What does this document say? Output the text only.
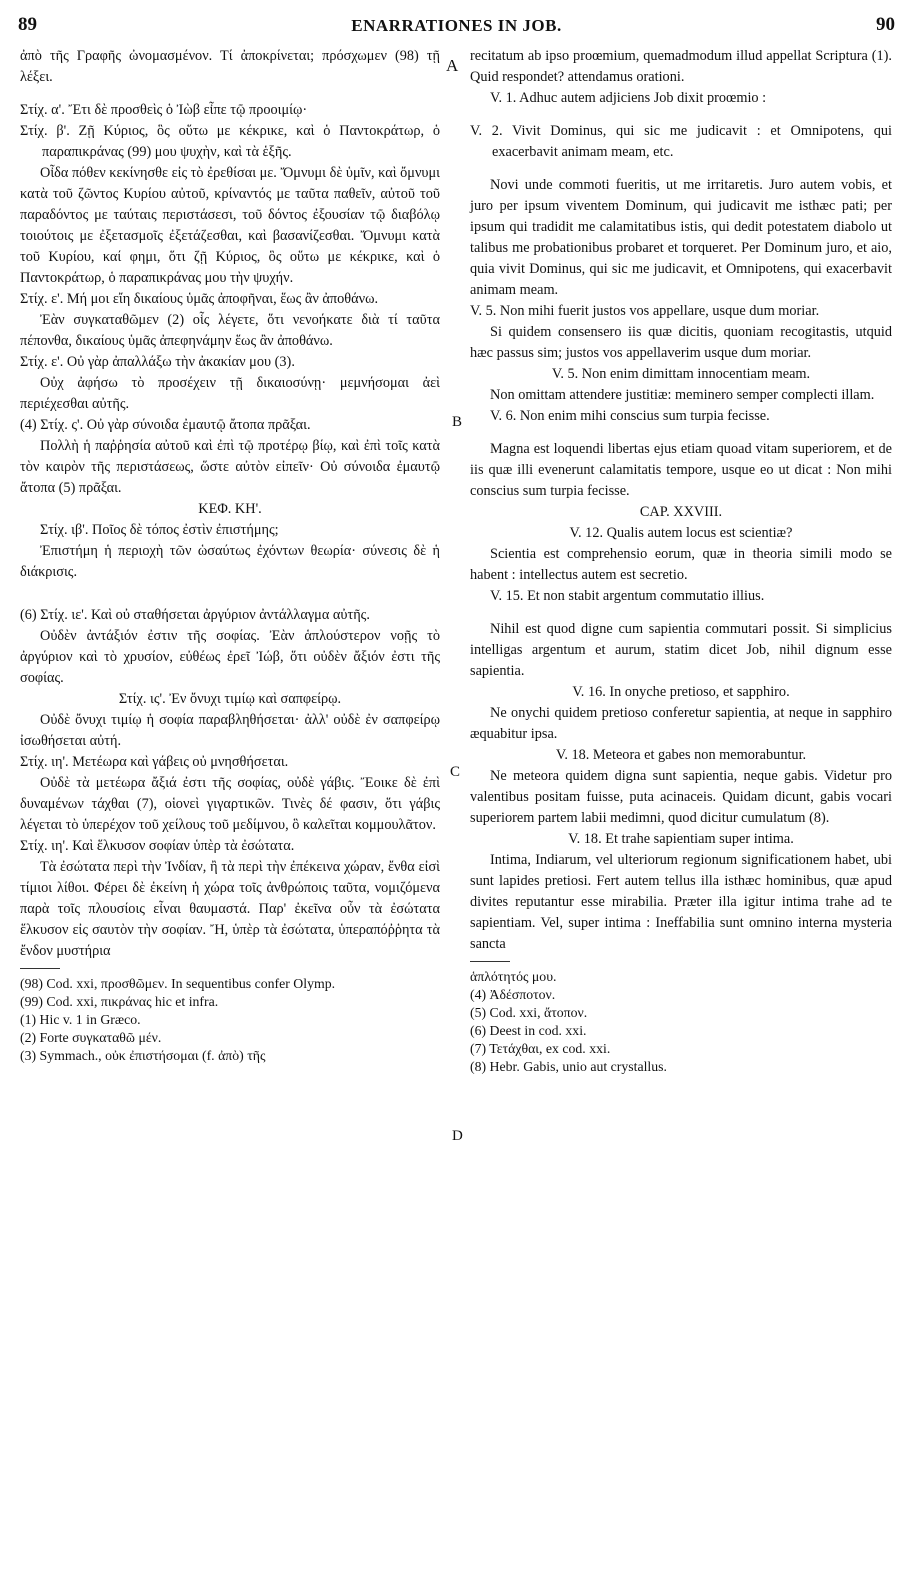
89	ENARRATIONES IN JOB.	90
A
B
C
D

ἀπὸ τῆς Γραφῆς ὠνομασμένον. Τί ἀποκρίνεται; πρόσχωμεν (98) τῇ λέξει.

Στίχ. α'. Ἔτι δὲ προσθεὶς ὁ Ἰὼβ εἶπε τῷ προοιμίῳ·

Στίχ. β'. Ζῇ Κύριος, ὃς οὕτω με κέκρικε, καὶ ὁ Παντοκράτωρ, ὁ παραπικράνας (99) μου ψυχὴν, καὶ τὰ ἑξῆς.

Οἶδα πόθεν κεκίνησθε εἰς τὸ ἐρεθίσαι με. Ὄμνυμι δὲ ὑμῖν, καὶ ὄμνυμι κατὰ τοῦ ζῶντος Κυρίου αὐτοῦ, κρίναντός με ταῦτα παθεῖν, αὐτοῦ τοῦ παραδόντος με ταύταις περιστάσεσι, τοῦ δόντος ἐξουσίαν τῷ διαβόλῳ τοιούτοις με ἐξετασμοῖς ἐξετάζεσθαι, καὶ βασανίζεσθαι. Ὄμνυμι κατὰ τοῦ Κυρίου, καί φημι, ὅτι ζῇ Κύριος, ὃς οὕτω με κέκρικε, καὶ ὁ Παντοκράτωρ, ὁ παραπικράνας μου τὴν ψυχήν.

Στίχ. ε'. Μή μοι εἴη δικαίους ὑμᾶς ἀποφῆναι, ἕως ἂν ἀποθάνω.

Ἐὰν συγκαταθῶμεν (2) οἷς λέγετε, ὅτι νενοήκατε διὰ τί ταῦτα πέπονθα, δικαίους ὑμᾶς ἀπεφηνάμην ἕως ἂν ἀποθάνω.

Στίχ. ε'. Οὐ γὰρ ἀπαλλάξω τὴν ἀκακίαν μου (3).

Οὐχ ἀφήσω τὸ προσέχειν τῇ δικαιοσύνῃ· μεμνήσομαι ἀεὶ περιέχεσθαι αὐτῆς.

(4) Στίχ. ς'. Οὐ γὰρ σύνοιδα ἐμαυτῷ ἄτοπα πρᾶξαι.

Πολλὴ ἡ παῤῥησία αὐτοῦ καὶ ἐπὶ τῷ προτέρῳ βίῳ, καὶ ἐπὶ τοῖς κατὰ τὸν καιρὸν τῆς περιστάσεως, ὥστε αὐτὸν εἰπεῖν· Οὐ σύνοιδα ἐμαυτῷ ἄτοπα (5) πρᾶξαι.

ΚΕΦ. ΚΗ'.

Στίχ. ιβ'. Ποῖος δὲ τόπος ἐστὶν ἐπιστήμης;

Ἐπιστήμη ἡ περιοχὴ τῶν ὡσαύτως ἐχόντων θεωρία· σύνεσις δὲ ἡ διάκρισις.

(6) Στίχ. ιε'. Καὶ οὐ σταθήσεται ἀργύριον ἀντάλλαγμα αὐτῆς.

Οὐδὲν ἀντάξιόν ἐστιν τῆς σοφίας. Ἐὰν ἁπλούστερον νοῇς τὸ ἀργύριον καὶ τὸ χρυσίον, εὐθέως ἐρεῖ Ἰώβ, ὅτι οὐδὲν ἄξιόν ἐστι τῆς σοφίας.

Στίχ. ις'. Ἐν ὄνυχι τιμίῳ καὶ σαπφείρῳ.

Οὐδὲ ὄνυχι τιμίῳ ἡ σοφία παραβληθήσεται· ἀλλ' οὐδὲ ἐν σαπφείρῳ ἰσωθήσεται αὐτή.

Στίχ. ιη'. Μετέωρα καὶ γάβεις οὐ μνησθήσεται.

Οὐδὲ τὰ μετέωρα ἄξιά ἐστι τῆς σοφίας, οὐδὲ γάβις. Ἔοικε δὲ ἐπὶ δυναμένων τάχθαι (7), οἱονεὶ γιγαρτικῶν. Τινὲς δέ φασιν, ὅτι γάβις λέγεται τὸ ὑπερέχον τοῦ χείλους τοῦ μεδίμνου, ὃ καλεῖται κομμουλᾶτον.

Στίχ. ιη'. Καὶ ἕλκυσον σοφίαν ὑπὲρ τὰ ἐσώτατα.

Τὰ ἐσώτατα περὶ τὴν Ἰνδίαν, ἢ τὰ περὶ τὴν ἐπέκεινα χώραν, ἔνθα εἰσὶ τίμιοι λίθοι. Φέρει δὲ ἐκείνη ἡ χώρα τοῖς ἀνθρώποις ταῦτα, νομιζόμενα παρὰ τοῖς πλουσίοις εἶναι θαυμαστά. Παρ' ἐκεῖνα οὖν τὰ ἐσώτατα ἕλκυσον εἰς σαυτὸν τὴν σοφίαν. Ἤ, ὑπὲρ τὰ ἐσώτατα, ὑπεραπόῤῥητα τὰ ἔνδον μυστήρια

(98) Cod. xxi, προσθῶμεν. In sequentibus confer Olymp.

(99) Cod. xxi, πικράνας hic et infra.

(1) Hic v. 1 in Græco.

(2) Forte συγκαταθῶ μέν.

(3) Symmach., οὐκ ἐπιστήσομαι (f. ἀπὸ) τῆς

recitatum ab ipso proœmium, quemadmodum illud appellat Scriptura (1). Quid respondet? attendamus orationi.

V. 1. Adhuc autem adjiciens Job dixit proœmio :

V. 2. Vivit Dominus, qui sic me judicavit : et Omnipotens, qui exacerbavit animam meam, etc.

Novi unde commoti fueritis, ut me irritaretis. Juro autem vobis, et juro per ipsum viventem Dominum, qui judicavit me isthæc pati; per ipsum qui tradidit me calamitatibus istis, qui dedit potestatem diabolo ut talibus me probationibus probaret et torqueret. Per Dominum juro, et aio, quia vivit Dominus, qui sic me judicavit, et Omnipotens, qui exacerbavit animam meam.

V. 5. Non mihi fuerit justos vos appellare, usque dum moriar.

Si quidem consensero iis quæ dicitis, quoniam recogitastis, utquid hæc passus sim; justos vos appellaverim usque dum moriar.

V. 5. Non enim dimittam innocentiam meam.

Non omittam attendere justitiæ: meminero semper complecti illam.

V. 6. Non enim mihi conscius sum turpia fecisse.

Magna est loquendi libertas ejus etiam quoad vitam superiorem, et de iis quæ illi evenerunt calamitatis tempore, usque eo ut dicat : Non mihi conscius sum turpia fecisse.

CAP. XXVIII.

V. 12. Qualis autem locus est scientiæ?

Scientia est comprehensio eorum, quæ in theoria simili modo se habent : intellectus autem est secretio.

V. 15. Et non stabit argentum commutatio illius.

Nihil est quod digne cum sapientia commutari possit. Si simplicius intelligas argentum et aurum, statim dicet Job, nihil dignum esse sapientia.

V. 16. In onyche pretioso, et sapphiro.

Ne onychi quidem pretioso conferetur sapientia, at neque in sapphiro æquabitur ipsa.

V. 18. Meteora et gabes non memorabuntur.

Ne meteora quidem digna sunt sapientia, neque gabis. Videtur pro valentibus positam fuisse, puta acinaceis. Quidam dicunt, gabis vocari superiorem partem labii medimni, quod dicitur cumulatum (8).

V. 18. Et trahe sapientiam super intima.

Intima, Indiarum, vel ulteriorum regionum significationem habet, ubi sunt lapides pretiosi. Fert autem tellus illa isthæc hominibus, quæ apud divites reputantur esse mirabilia. Præter illa igitur intima trahe ad te sapientiam. Vel, super intima : Ineffabilia sunt omnino interna mysteria sancta

ἁπλότητός μου.

(4) Ἀδέσποτον.

(5) Cod. xxi, ἄτοπον.

(6) Deest in cod. xxi.

(7) Τετάχθαι, ex cod. xxi.

(8) Hebr. Gabis, unio aut crystallus.
